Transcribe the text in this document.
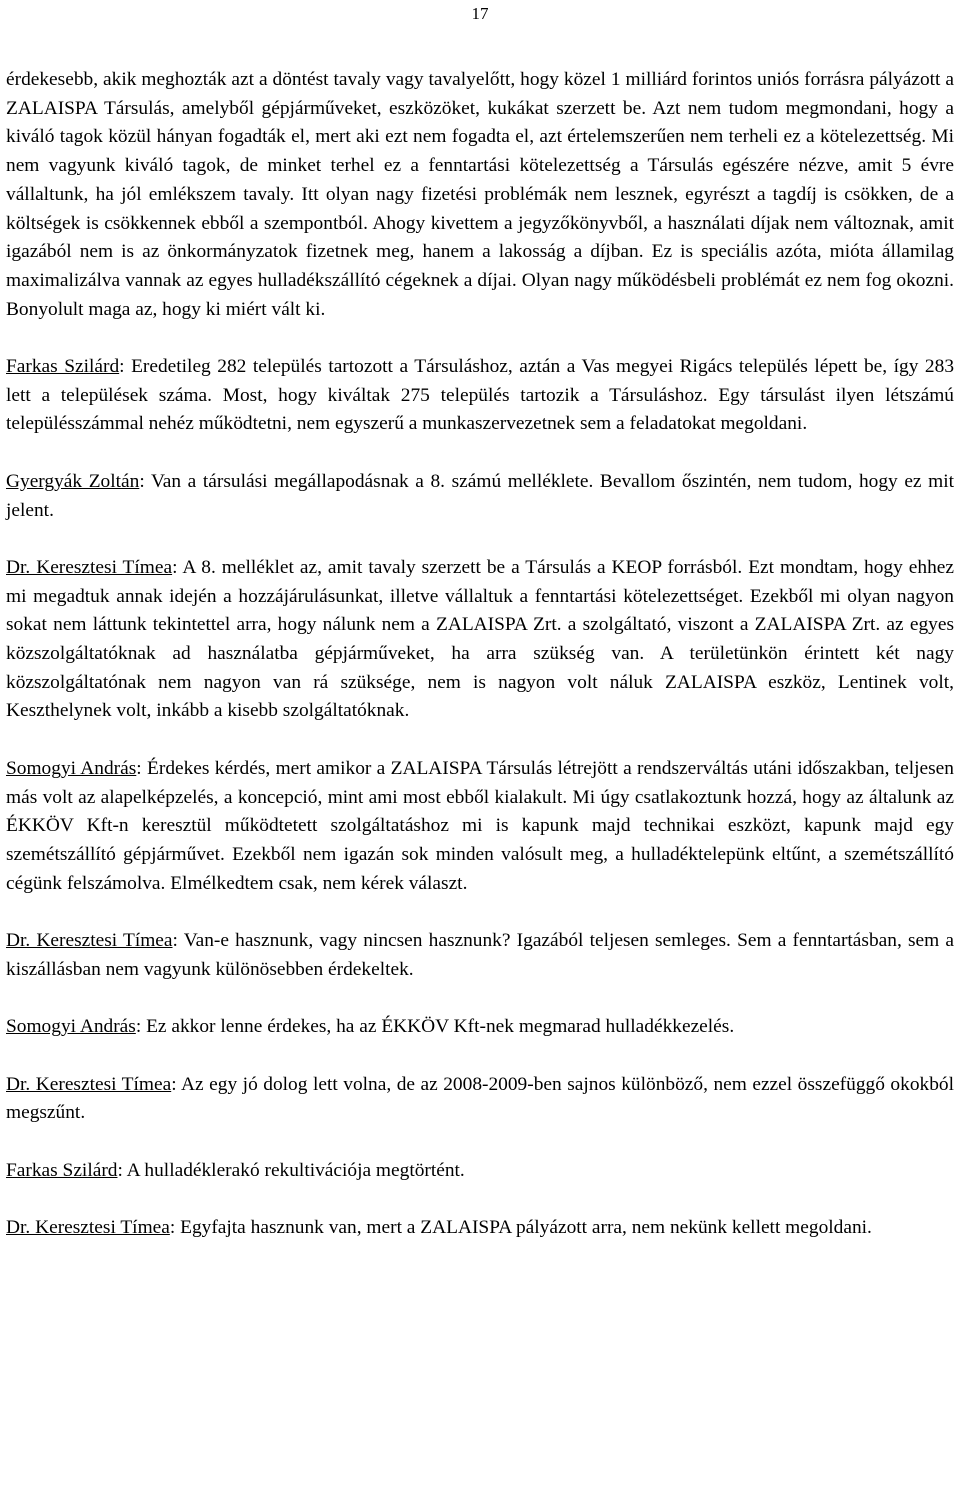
17

érdekesebb, akik meghozták azt a döntést tavaly vagy tavalyelőtt, hogy közel 1 milliárd forintos uniós forrásra pályázott a ZALAISPA Társulás, amelyből gépjárműveket, eszközöket, kukákat szerzett be. Azt nem tudom megmondani, hogy a kiváló tagok közül hányan fogadták el, mert aki ezt nem fogadta el, azt értelemszerűen nem terheli ez a kötelezettség. Mi nem vagyunk kiváló tagok, de minket terhel ez a fenntartási kötelezettség a Társulás egészére nézve, amit 5 évre vállaltunk, ha jól emlékszem tavaly. Itt olyan nagy fizetési problémák nem lesznek, egyrészt a tagdíj is csökken, de a költségek is csökkennek ebből a szempontból. Ahogy kivettem a jegyzőkönyvből, a használati díjak nem változnak, amit igazából nem is az önkormányzatok fizetnek meg, hanem a lakosság a díjban. Ez is speciális azóta, mióta államilag maximalizálva vannak az egyes hulladékszállító cégeknek a díjai. Olyan nagy működésbeli problémát ez nem fog okozni. Bonyolult maga az, hogy ki miért vált ki.

Farkas Szilárd: Eredetileg 282 település tartozott a Társuláshoz, aztán a Vas megyei Rigács település lépett be, így 283 lett a települések száma. Most, hogy kiváltak 275 település tartozik a Társuláshoz. Egy társulást ilyen létszámú településszámmal nehéz működtetni, nem egyszerű a munkaszervezetnek sem a feladatokat megoldani.

Gyergyák Zoltán: Van a társulási megállapodásnak a 8. számú melléklete. Bevallom őszintén, nem tudom, hogy ez mit jelent.

Dr. Keresztesi Tímea: A 8. melléklet az, amit tavaly szerzett be a Társulás a KEOP forrásból. Ezt mondtam, hogy ehhez mi megadtuk annak idején a hozzájárulásunkat, illetve vállaltuk a fenntartási kötelezettséget. Ezekből mi olyan nagyon sokat nem láttunk tekintettel arra, hogy nálunk nem a ZALAISPA Zrt. a szolgáltató, viszont a ZALAISPA Zrt. az egyes közszolgáltatóknak ad használatba gépjárműveket, ha arra szükség van. A területünkön érintett két nagy közszolgáltatónak nem nagyon van rá szüksége, nem is nagyon volt náluk ZALAISPA eszköz, Lentinek volt, Keszthelynek volt, inkább a kisebb szolgáltatóknak.

Somogyi András: Érdekes kérdés, mert amikor a ZALAISPA Társulás létrejött a rendszerváltás utáni időszakban, teljesen más volt az alapelképzelés, a koncepció, mint ami most ebből kialakult. Mi úgy csatlakoztunk hozzá, hogy az általunk az ÉKKÖV Kft-n keresztül működtetett szolgáltatáshoz mi is kapunk majd technikai eszközt, kapunk majd egy szemétszállító gépjárművet. Ezekből nem igazán sok minden valósult meg, a hulladéktelepünk eltűnt, a szemétszállító cégünk felszámolva. Elmélkedtem csak, nem kérek választ.

Dr. Keresztesi Tímea: Van-e hasznunk, vagy nincsen hasznunk? Igazából teljesen semleges. Sem a fenntartásban, sem a kiszállásban nem vagyunk különösebben érdekeltek.

Somogyi András: Ez akkor lenne érdekes, ha az ÉKKÖV Kft-nek megmarad hulladékkezelés.

Dr. Keresztesi Tímea: Az egy jó dolog lett volna, de az 2008-2009-ben sajnos különböző, nem ezzel összefüggő okokból megszűnt.

Farkas Szilárd: A hulladéklerakó rekultivációja megtörtént.

Dr. Keresztesi Tímea: Egyfajta hasznunk van, mert a ZALAISPA pályázott arra, nem nekünk kellett megoldani.
